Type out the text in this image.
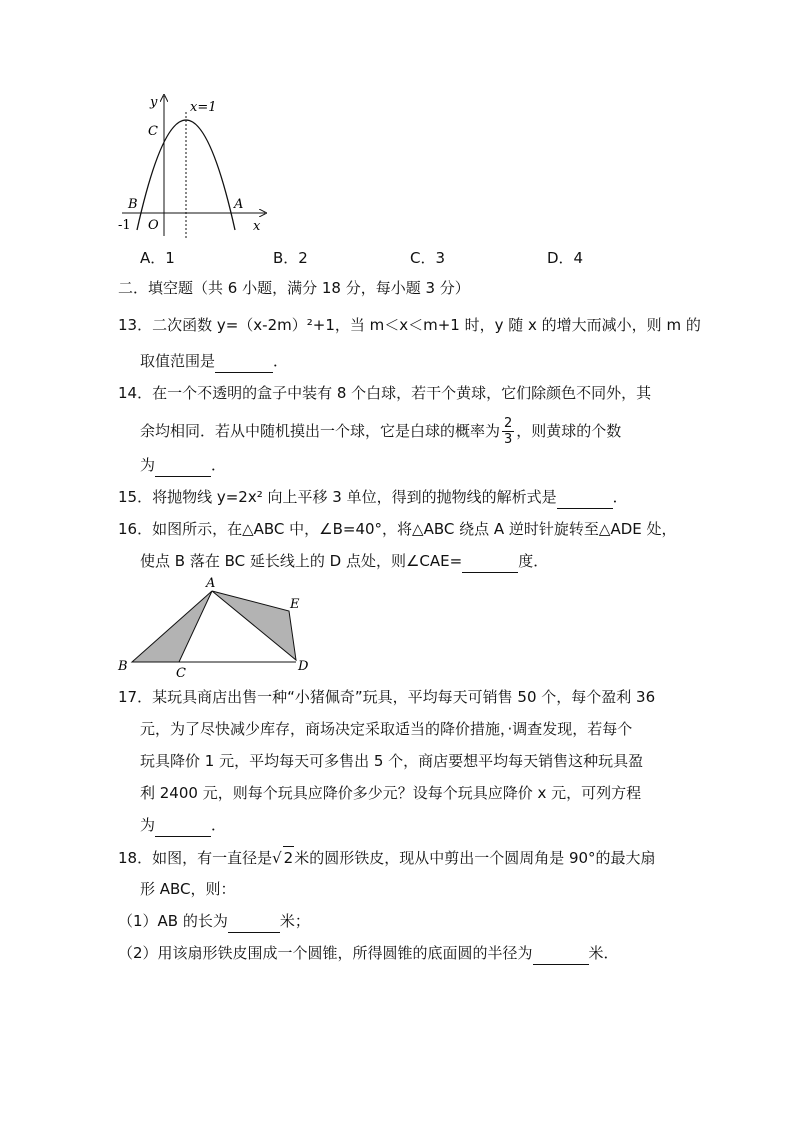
y	x=1
C
B	A
O
-1	x
A．1	B．2	C．3	D．4
二．填空题（共 6 小题，满分 18 分，每小题 3 分）
13．二次函数 y=（x-2m）²+1，当 m＜x＜m+1 时，y 随 x 的增大而减小，则 m 的
取值范围是	．
14．在一个不透明的盒子中装有 8 个白球，若干个黄球，它们除颜色不同外，其
余均相同．若从中随机摸出一个球，它是白球的概率为 $\frac{2}{3}$ ，则黄球的个数
为	．
15．将抛物线 y=2x² 向上平移 3 单位，得到的抛物线的解析式是	．
16．如图所示，在△ABC 中，∠B=40°，将△ABC 绕点 A 逆时针旋转至△ADE 处，
使点 B 落在 BC 延长线上的 D 点处，则∠CAE=	度．
A
E
B	C	D
17．某玩具商店出售一种“小猪佩奇”玩具，平均每天可销售 50 个，每个盈利 36
元，为了尽快减少库存，商场决定采取适当的降价措施，·调查发现，若每个
玩具降价 1 元，平均每天可多售出 5 个，商店要想平均每天销售这种玩具盈
利 2400 元，则每个玩具应降价多少元？设每个玩具应降价 x 元，可列方程
为	．
18．如图，有一直径是√ 2米的圆形铁皮，现从中剪出一个圆周角是 90°的最大扇
形 ABC，则：
（1）AB 的长为	米；
（2）用该扇形铁皮围成一个圆锥，所得圆锥的底面圆的半径为	米．
